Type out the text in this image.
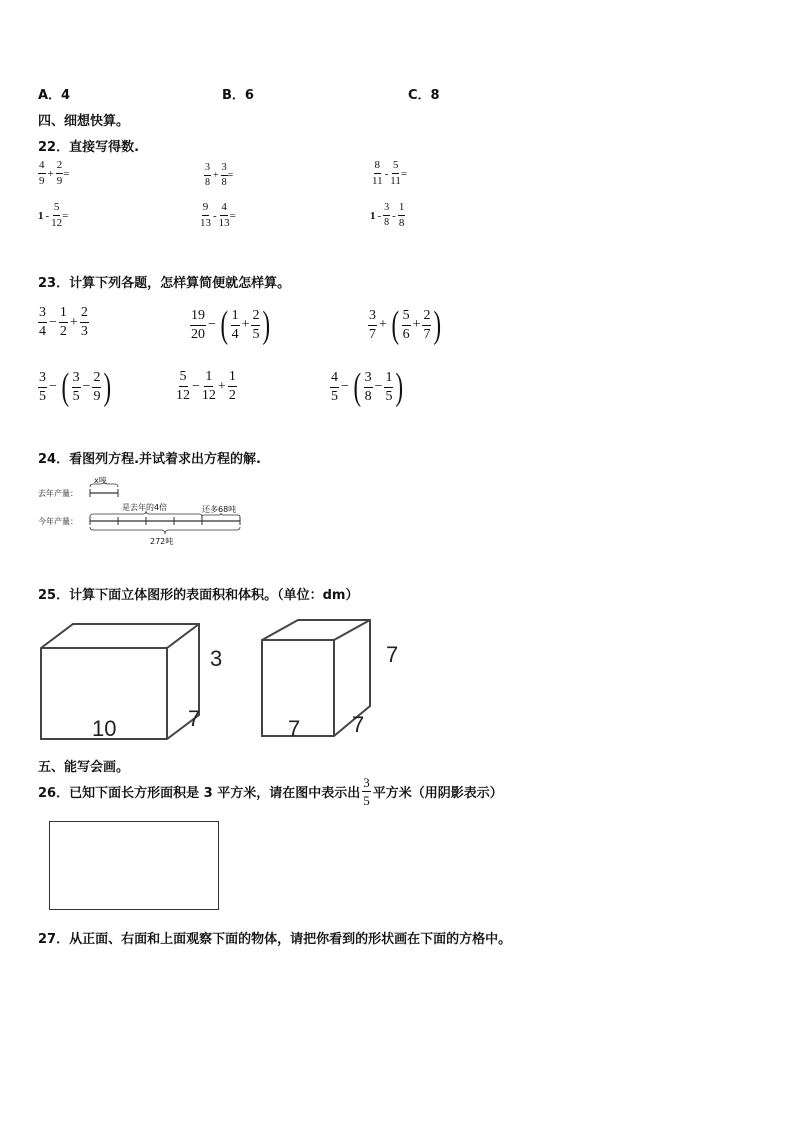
A．4	B．6	C．8
四、细想快算。
22．直接写得数.
$\frac{4}{9} + \frac{2}{9}$ =	$\frac{3}{8} + \frac{3}{8}$ =	$\frac{8}{11} - \frac{5}{11}$ =
$1 - \frac{5}{12}$ =	$\frac{9}{13} - \frac{4}{13}$ =	$1 - \frac{3}{8} - \frac{1}{8}$
23．计算下列各题，怎样算简便就怎样算。
$\frac{3}{4} - \frac{1}{2} + \frac{2}{3}$	$\frac{19}{20}$ − ( $\frac{1}{4} + \frac{2}{5}$ )	$\frac{3}{7}$ + ( $\frac{5}{6} + \frac{2}{7}$ )
$\frac{3}{5}$ − ( $\frac{3}{5} - \frac{2}{9}$ )	$\frac{5}{12} - \frac{1}{12} + \frac{1}{2}$	$\frac{4}{5}$ − ( $\frac{3}{8} - \frac{1}{5}$ )
24．看图列方程.并试着求出方程的解.
去年产量：
今年产量：
x吨
是去年的4倍	还多68吨
272吨
25．计算下面立体图形的表面积和体积。（单位：dm）
3
10	7
7
7 7
五、能写会画。
26．已知下面长方形面积是 3 平方米，请在图中表示出 $\frac{3}{5}$ 平方米（用阴影表示）
27．从正面、右面和上面观察下面的物体，请把你看到的形状画在下面的方格中。
